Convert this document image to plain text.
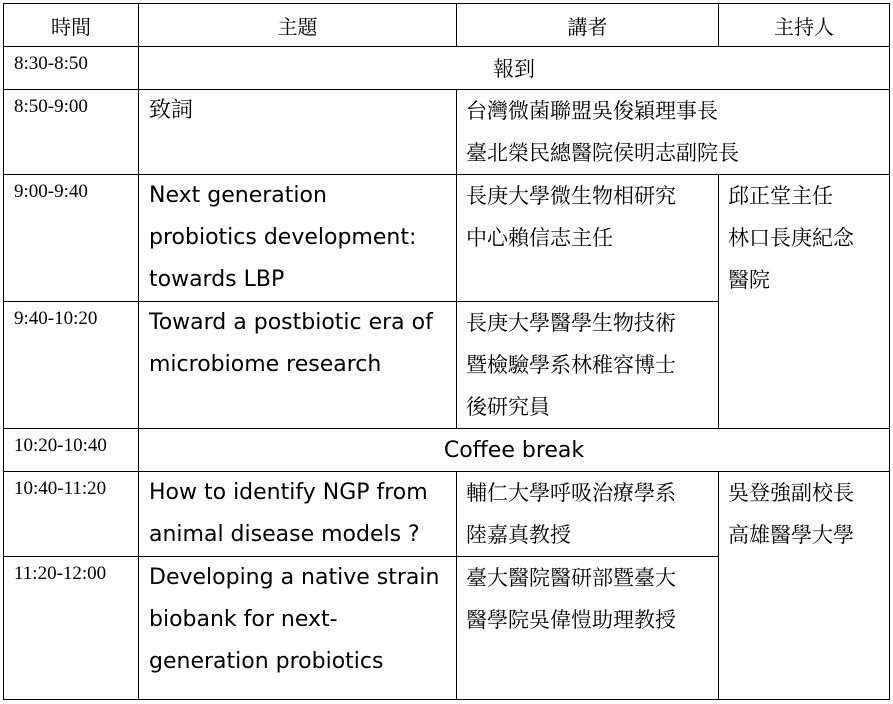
時間	主題	講者	主持人
8:30-8:50	報到		
8:50-9:00	致詞	台灣微菌聯盟吳俊穎理事長
臺北榮民總醫院侯明志副院長	

9:00-9:40	Next generation
probiotics development:
towards LBP	長庚大學微生物相研究
中心賴信志主任	邱正堂主任
林口長庚紀念
醫院

9:40-10:20	Toward a postbiotic era of
microbiome research	長庚大學醫學生物技術
暨檢驗學系林稚容博士
後研究員	

10:20-10:40	Coffee break		
10:40-11:20	How to identify NGP from
animal disease models ?	輔仁大學呼吸治療學系
陸嘉真教授	吳登強副校長
高雄醫學大學

11:20-12:00	Developing a native strain
biobank for next-
generation probiotics	臺大醫院醫研部暨臺大
醫學院吳偉愷助理教授	
